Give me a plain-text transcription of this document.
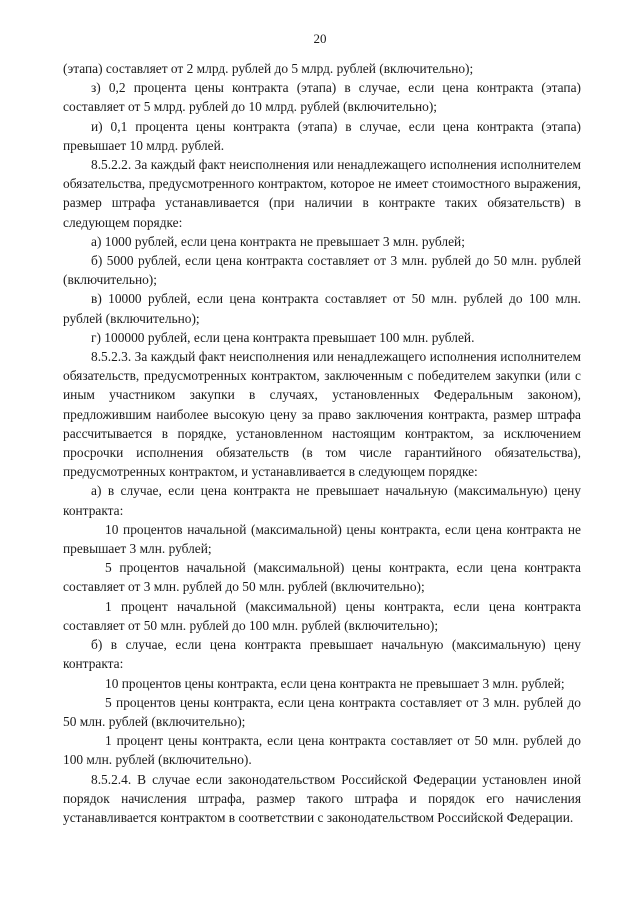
20

(этапа) составляет от 2 млрд. рублей до 5 млрд. рублей (включительно);

з) 0,2 процента цены контракта (этапа) в случае, если цена контракта (этапа) составляет от 5 млрд. рублей до 10 млрд. рублей (включительно);

и) 0,1 процента цены контракта (этапа) в случае, если цена контракта (этапа) превышает 10 млрд. рублей.

8.5.2.2. За каждый факт неисполнения или ненадлежащего исполнения исполнителем обязательства, предусмотренного контрактом, которое не имеет стоимостного выражения, размер штрафа устанавливается (при наличии в контракте таких обязательств) в следующем порядке:

а) 1000 рублей, если цена контракта не превышает 3 млн. рублей;

б) 5000 рублей, если цена контракта составляет от 3 млн. рублей до 50 млн. рублей (включительно);

в) 10000 рублей, если цена контракта составляет от 50 млн. рублей до 100 млн. рублей (включительно);

г) 100000 рублей, если цена контракта превышает 100 млн. рублей.

8.5.2.3. За каждый факт неисполнения или ненадлежащего исполнения исполнителем обязательств, предусмотренных контрактом, заключенным с победителем закупки (или с иным участником закупки в случаях, установленных Федеральным законом), предложившим наиболее высокую цену за право заключения контракта, размер штрафа рассчитывается в порядке, установленном настоящим контрактом, за исключением просрочки исполнения обязательств (в том числе гарантийного обязательства), предусмотренных контрактом, и устанавливается в следующем порядке:

а) в случае, если цена контракта не превышает начальную (максимальную) цену контракта:

10 процентов начальной (максимальной) цены контракта, если цена контракта не превышает 3 млн. рублей;

5 процентов начальной (максимальной) цены контракта, если цена контракта составляет от 3 млн. рублей до 50 млн. рублей (включительно);

1 процент начальной (максимальной) цены контракта, если цена контракта составляет от 50 млн. рублей до 100 млн. рублей (включительно);

б) в случае, если цена контракта превышает начальную (максимальную) цену контракта:

10 процентов цены контракта, если цена контракта не превышает 3 млн. рублей;

5 процентов цены контракта, если цена контракта составляет от 3 млн. рублей до 50 млн. рублей (включительно);

1 процент цены контракта, если цена контракта составляет от 50 млн. рублей до 100 млн. рублей (включительно).

8.5.2.4. В случае если законодательством Российской Федерации установлен иной порядок начисления штрафа, размер такого штрафа и порядок его начисления устанавливается контрактом в соответствии с законодательством Российской Федерации.
